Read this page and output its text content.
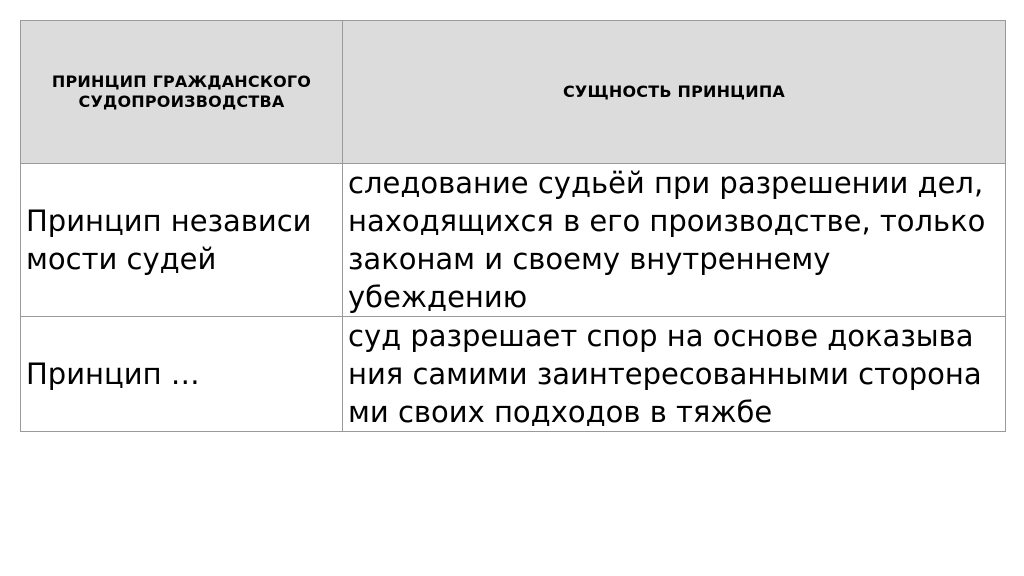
ПРИНЦИП ГРАЖДАНСКОГО
СУДОПРОИЗВОДСТВА	СУЩНОСТЬ ПРИНЦИПА

Принцип независи
мости судей	следование судьёй при разрешении дел,
находящихся в его производстве, только
законам и своему внутреннему
убеждению

Принцип …	суд разрешает спор на основе доказыва
ния самими заинтересованными сторона
ми своих подходов в тяжбе
